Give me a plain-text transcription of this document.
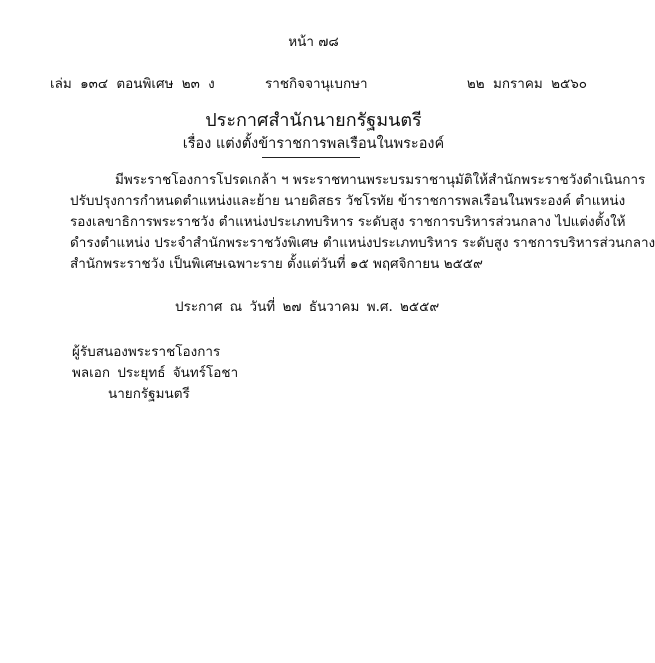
หน้า ๗๘
เล่ม ๑๓๔ ตอนพิเศษ ๒๓ ง	ราชกิจจานุเบกษา	๒๒ มกราคม ๒๕๖๐
ประกาศสำนักนายกรัฐมนตรี
เรื่อง แต่งตั้งข้าราชการพลเรือนในพระองค์
มีพระราชโองการโปรดเกล้า ฯ พระราชทานพระบรมราชานุมัติให้สำนักพระราชวังดำเนินการ
ปรับปรุงการกำหนดตำแหน่งและย้าย นายดิสธร วัชโรทัย ข้าราชการพลเรือนในพระองค์ ตำแหน่ง
รองเลขาธิการพระราชวัง ตำแหน่งประเภทบริหาร ระดับสูง ราชการบริหารส่วนกลาง ไปแต่งตั้งให้
ดำรงตำแหน่ง ประจำสำนักพระราชวังพิเศษ ตำแหน่งประเภทบริหาร ระดับสูง ราชการบริหารส่วนกลาง
สำนักพระราชวัง เป็นพิเศษเฉพาะราย ตั้งแต่วันที่ ๑๕ พฤศจิกายน ๒๕๕๙
ประกาศ ณ วันที่ ๒๗ ธันวาคม พ.ศ. ๒๕๕๙
ผู้รับสนองพระราชโองการ
พลเอก ประยุทธ์ จันทร์โอชา
นายกรัฐมนตรี
